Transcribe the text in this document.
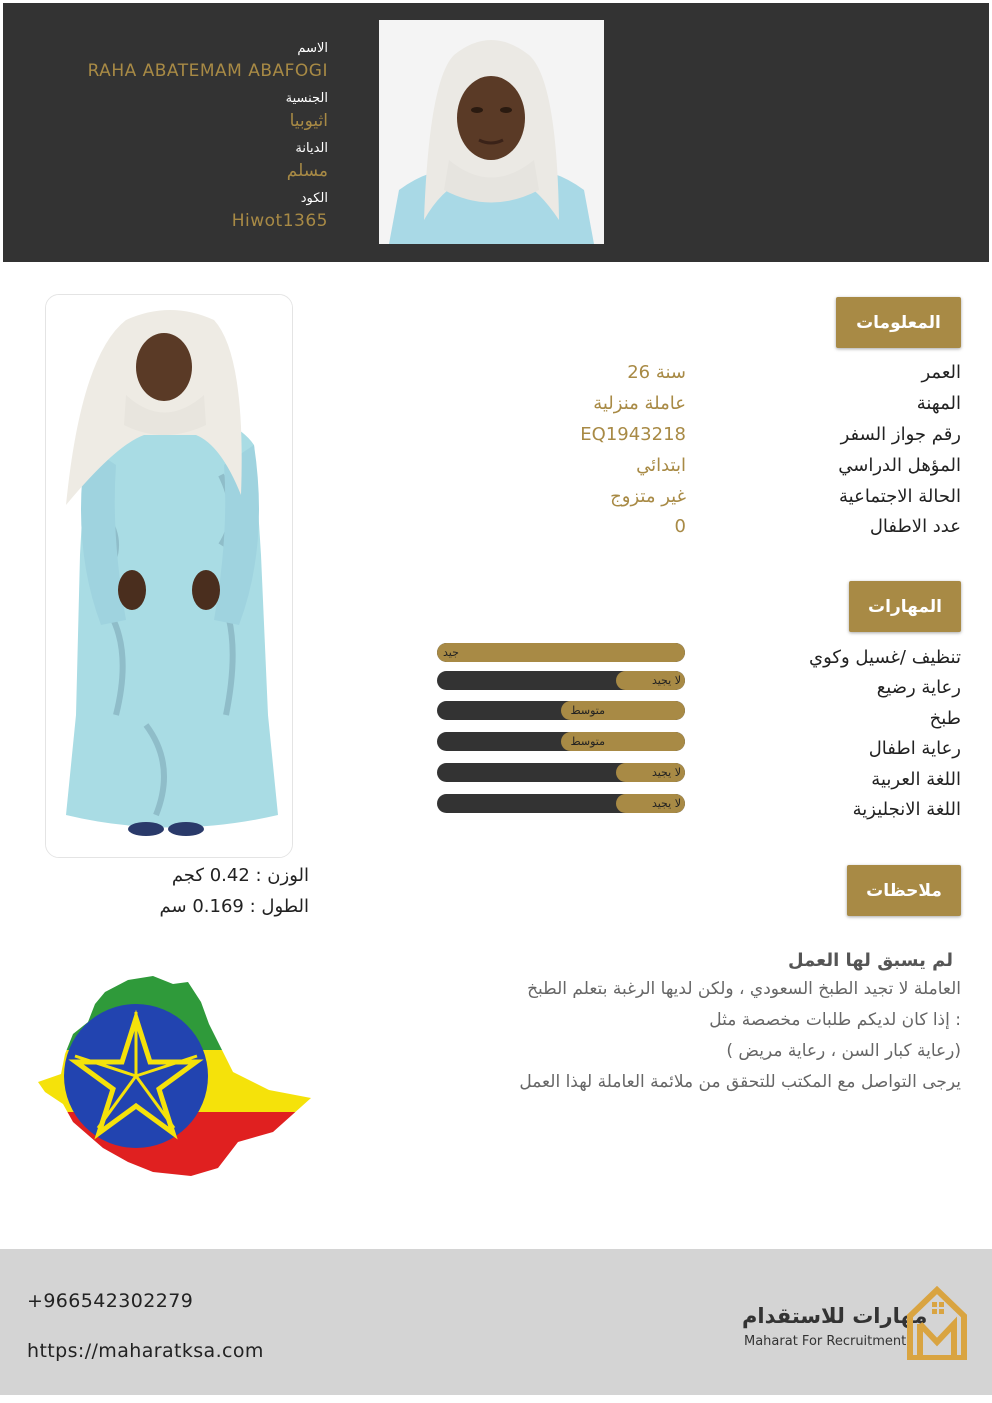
الاسم
RAHA ABATEMAM ABAFOGI
الجنسية
اثيوبيا
الديانة
مسلم
الكود
Hiwot1365
المعلومات
العمر
26 سنة
المهنة
عاملة منزلية
رقم جواز السفر
EQ1943218
المؤهل الدراسي
ابتدائي
الحالة الاجتماعية
غير متزوج
عدد الاطفال
0
المهارات
تنظيف /غسيل وكوي
رعاية رضيع
طبخ
رعاية اطفال
اللغة العربية
اللغة الانجليزية
جيد
لا يجيد
متوسط
متوسط
لا يجيد
لا يجيد
ملاحظات
لم يسبق لها العمل
العاملة لا تجيد الطبخ السعودي ، ولكن لديها الرغبة بتعلم الطبخ
إذا كان لديكم طلبات مخصصة مثل :
( رعاية كبار السن ، رعاية مريض)
يرجى التواصل مع المكتب للتحقق من ملائمة العاملة لهذا العمل
الوزن : 0.42 كجم
الطول : 0.169 سم
+966542302279
https://maharatksa.com
مهارات للاستقدام
Maharat For Recruitment
